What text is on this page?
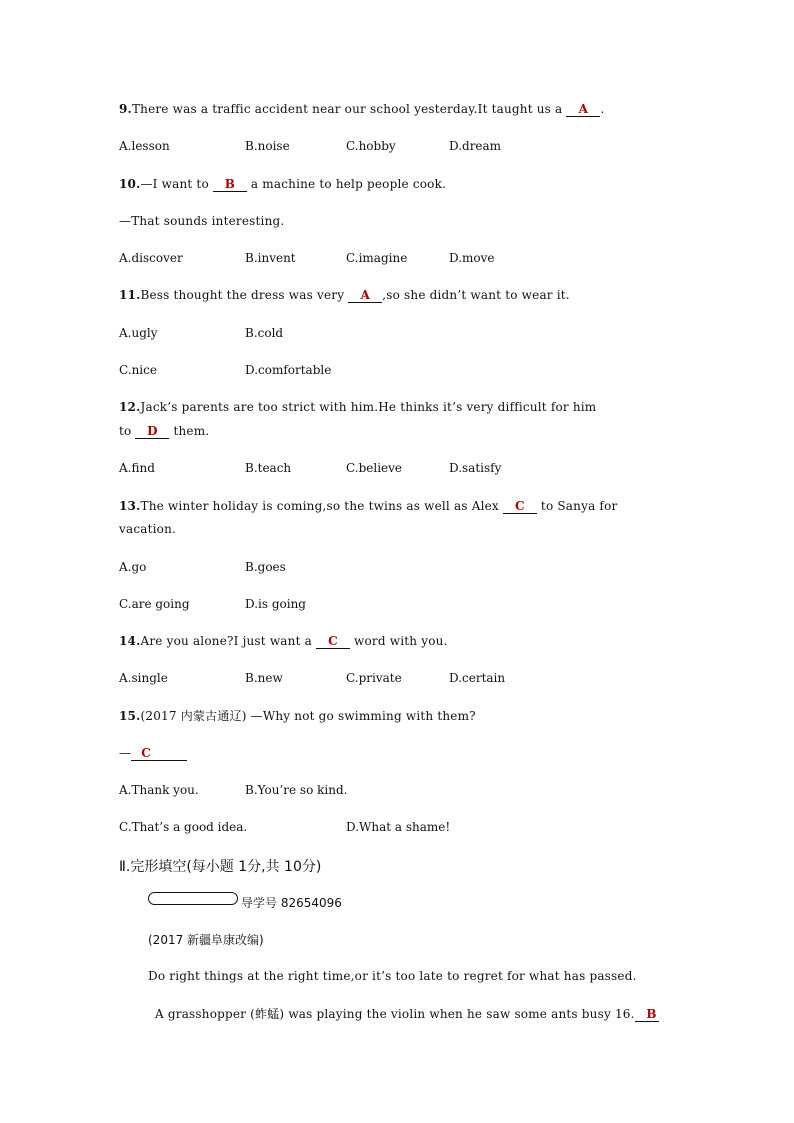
9.There was a traffic accident near our school yesterday.It taught us a A .
A.lesson	B.noise	C.hobby	D.dream
10.—I want to B a machine to help people cook.
—That sounds interesting.
A.discover	B.invent	C.imagine	D.move
11.Bess thought the dress was very A ,so she didn’t want to wear it.
A.ugly	B.cold
C.nice	D.comfortable
12.Jack’s parents are too strict with him.He thinks it’s very difficult for him
to D them.
A.find	B.teach	C.believe	D.satisfy
13.The winter holiday is coming,so the twins as well as Alex C to Sanya for
vacation.
A.go	B.goes
C.are going	D.is going
14.Are you alone?I just want a C word with you.
A.single	B.new	C.private	D.certain
15.(2017 内蒙古通辽) —Why not go swimming with them?
— C
A.Thank you.	B.You’re so kind.
C.That’s a good idea.	D.What a shame!
Ⅱ.完形填空(每小题 1分,共 10分)
导学号 82654096
(2017 新疆阜康改编)
Do right things at the right time,or it’s too late to regret for what has passed.
A grasshopper (蚱蜢) was playing the violin when he saw some ants busy 16. B
